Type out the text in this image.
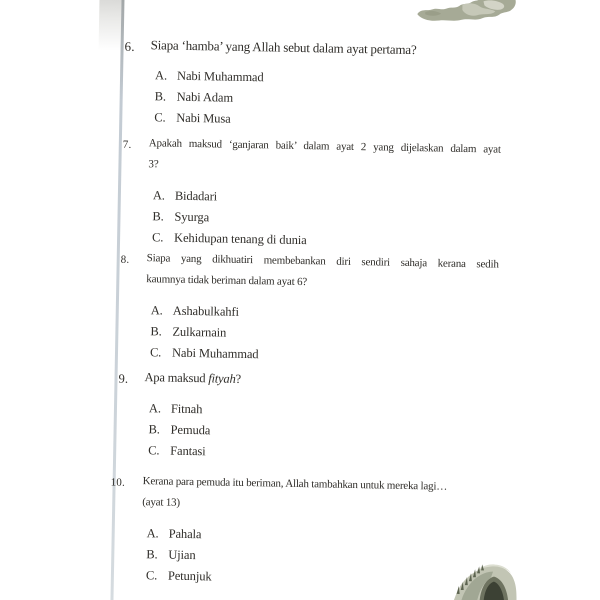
6. Siapa ‘hamba’ yang Allah sebut dalam ayat pertama?
A. Nabi Muhammad
B. Nabi Adam
C. Nabi Musa
7. Apakah maksud ‘ganjaran baik’ dalam ayat 2 yang dijelaskan dalam ayat
3?
A. Bidadari
B. Syurga
C. Kehidupan tenang di dunia
8. Siapa yang dikhuatiri membebankan diri sendiri sahaja kerana sedih
kaumnya tidak beriman dalam ayat 6?
A. Ashabulkahfi
B. Zulkarnain
C. Nabi Muhammad
9. Apa maksud fityah?
A. Fitnah
B. Pemuda
C. Fantasi
10. Kerana para pemuda itu beriman, Allah tambahkan untuk mereka lagi…
(ayat 13)
A. Pahala
B. Ujian
C. Petunjuk
